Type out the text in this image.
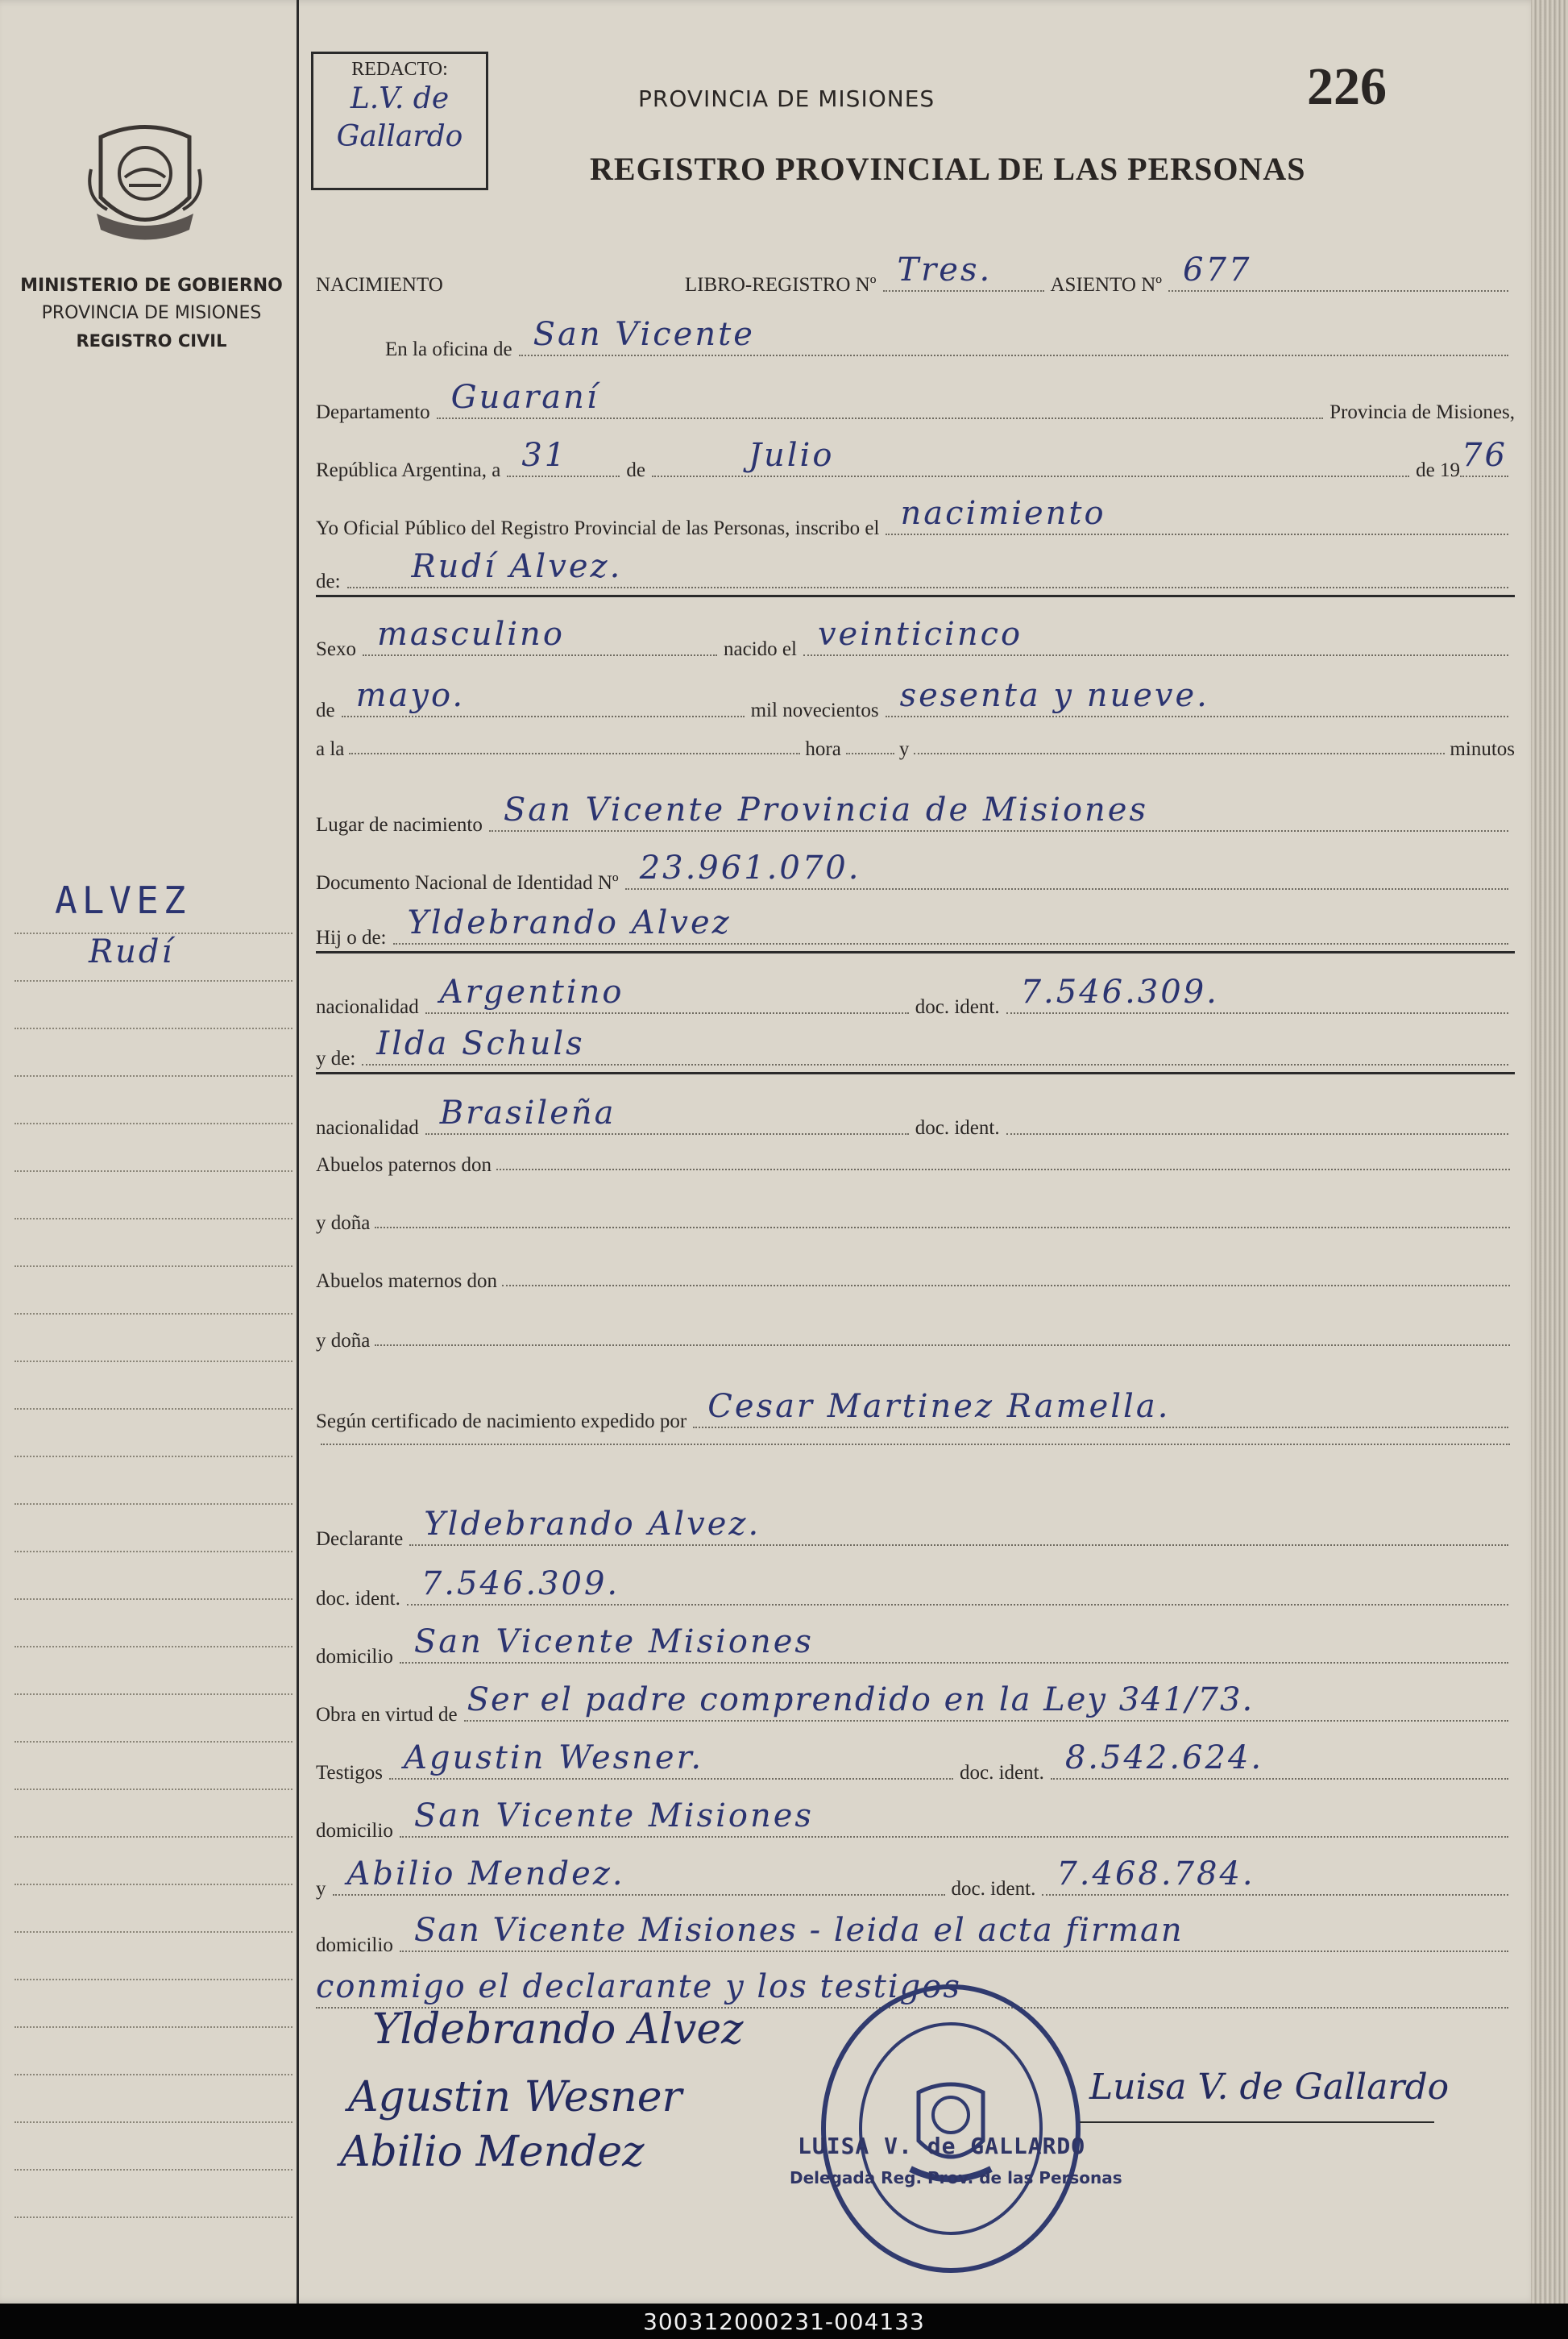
MINISTERIO DE GOBIERNO
PROVINCIA DE MISIONES
REGISTRO CIVIL
ALVEZ
Rudí
REDACTO:
L.V. de
Gallardo
PROVINCIA DE MISIONES	226
REGISTRO PROVINCIAL DE LAS PERSONAS
NACIMIENTO	LIBRO-REGISTRO Nº Tres.	ASIENTO Nº 677
En la oficina de San Vicente
Departamento Guaraní	Provincia de Misiones,
República Argentina, a 31	de	Julio	de 19 76
Yo Oficial Público del Registro Provincial de las Personas, inscribo el nacimiento
de: Rudí Alvez.
Sexo masculino	nacido el veinticinco
de mayo.	mil novecientos sesenta y nueve.
a la	hora	y	minutos
Lugar de nacimiento San Vicente Provincia de Misiones
Documento Nacional de Identidad Nº 23.961.070.
Hij o de: Yldebrando Alvez
nacionalidad Argentino	doc. ident. 7.546.309.
y de: Ilda Schuls
nacionalidad Brasileña	doc. ident.
Abuelos paternos don
y doña
Abuelos maternos don
y doña
Según certificado de nacimiento expedido por Cesar Martinez Ramella.
Declarante Yldebrando Alvez.
doc. ident. 7.546.309.
domicilio San Vicente Misiones
Obra en virtud de Ser el padre comprendido en la Ley 341/73.
Testigos Agustin Wesner.	doc. ident. 8.542.624.
domicilio San Vicente Misiones
y Abilio Mendez.	doc. ident. 7.468.784.
domicilio San Vicente Misiones - leida el acta firman
conmigo el declarante y los testigos
Yldebrando Alvez
Agustin Wesner
Abilio Mendez
Luisa V. de Gallardo
LUISA V. de GALLARDO
Delegada Reg. Prov. de las Personas
300312000231-004133
